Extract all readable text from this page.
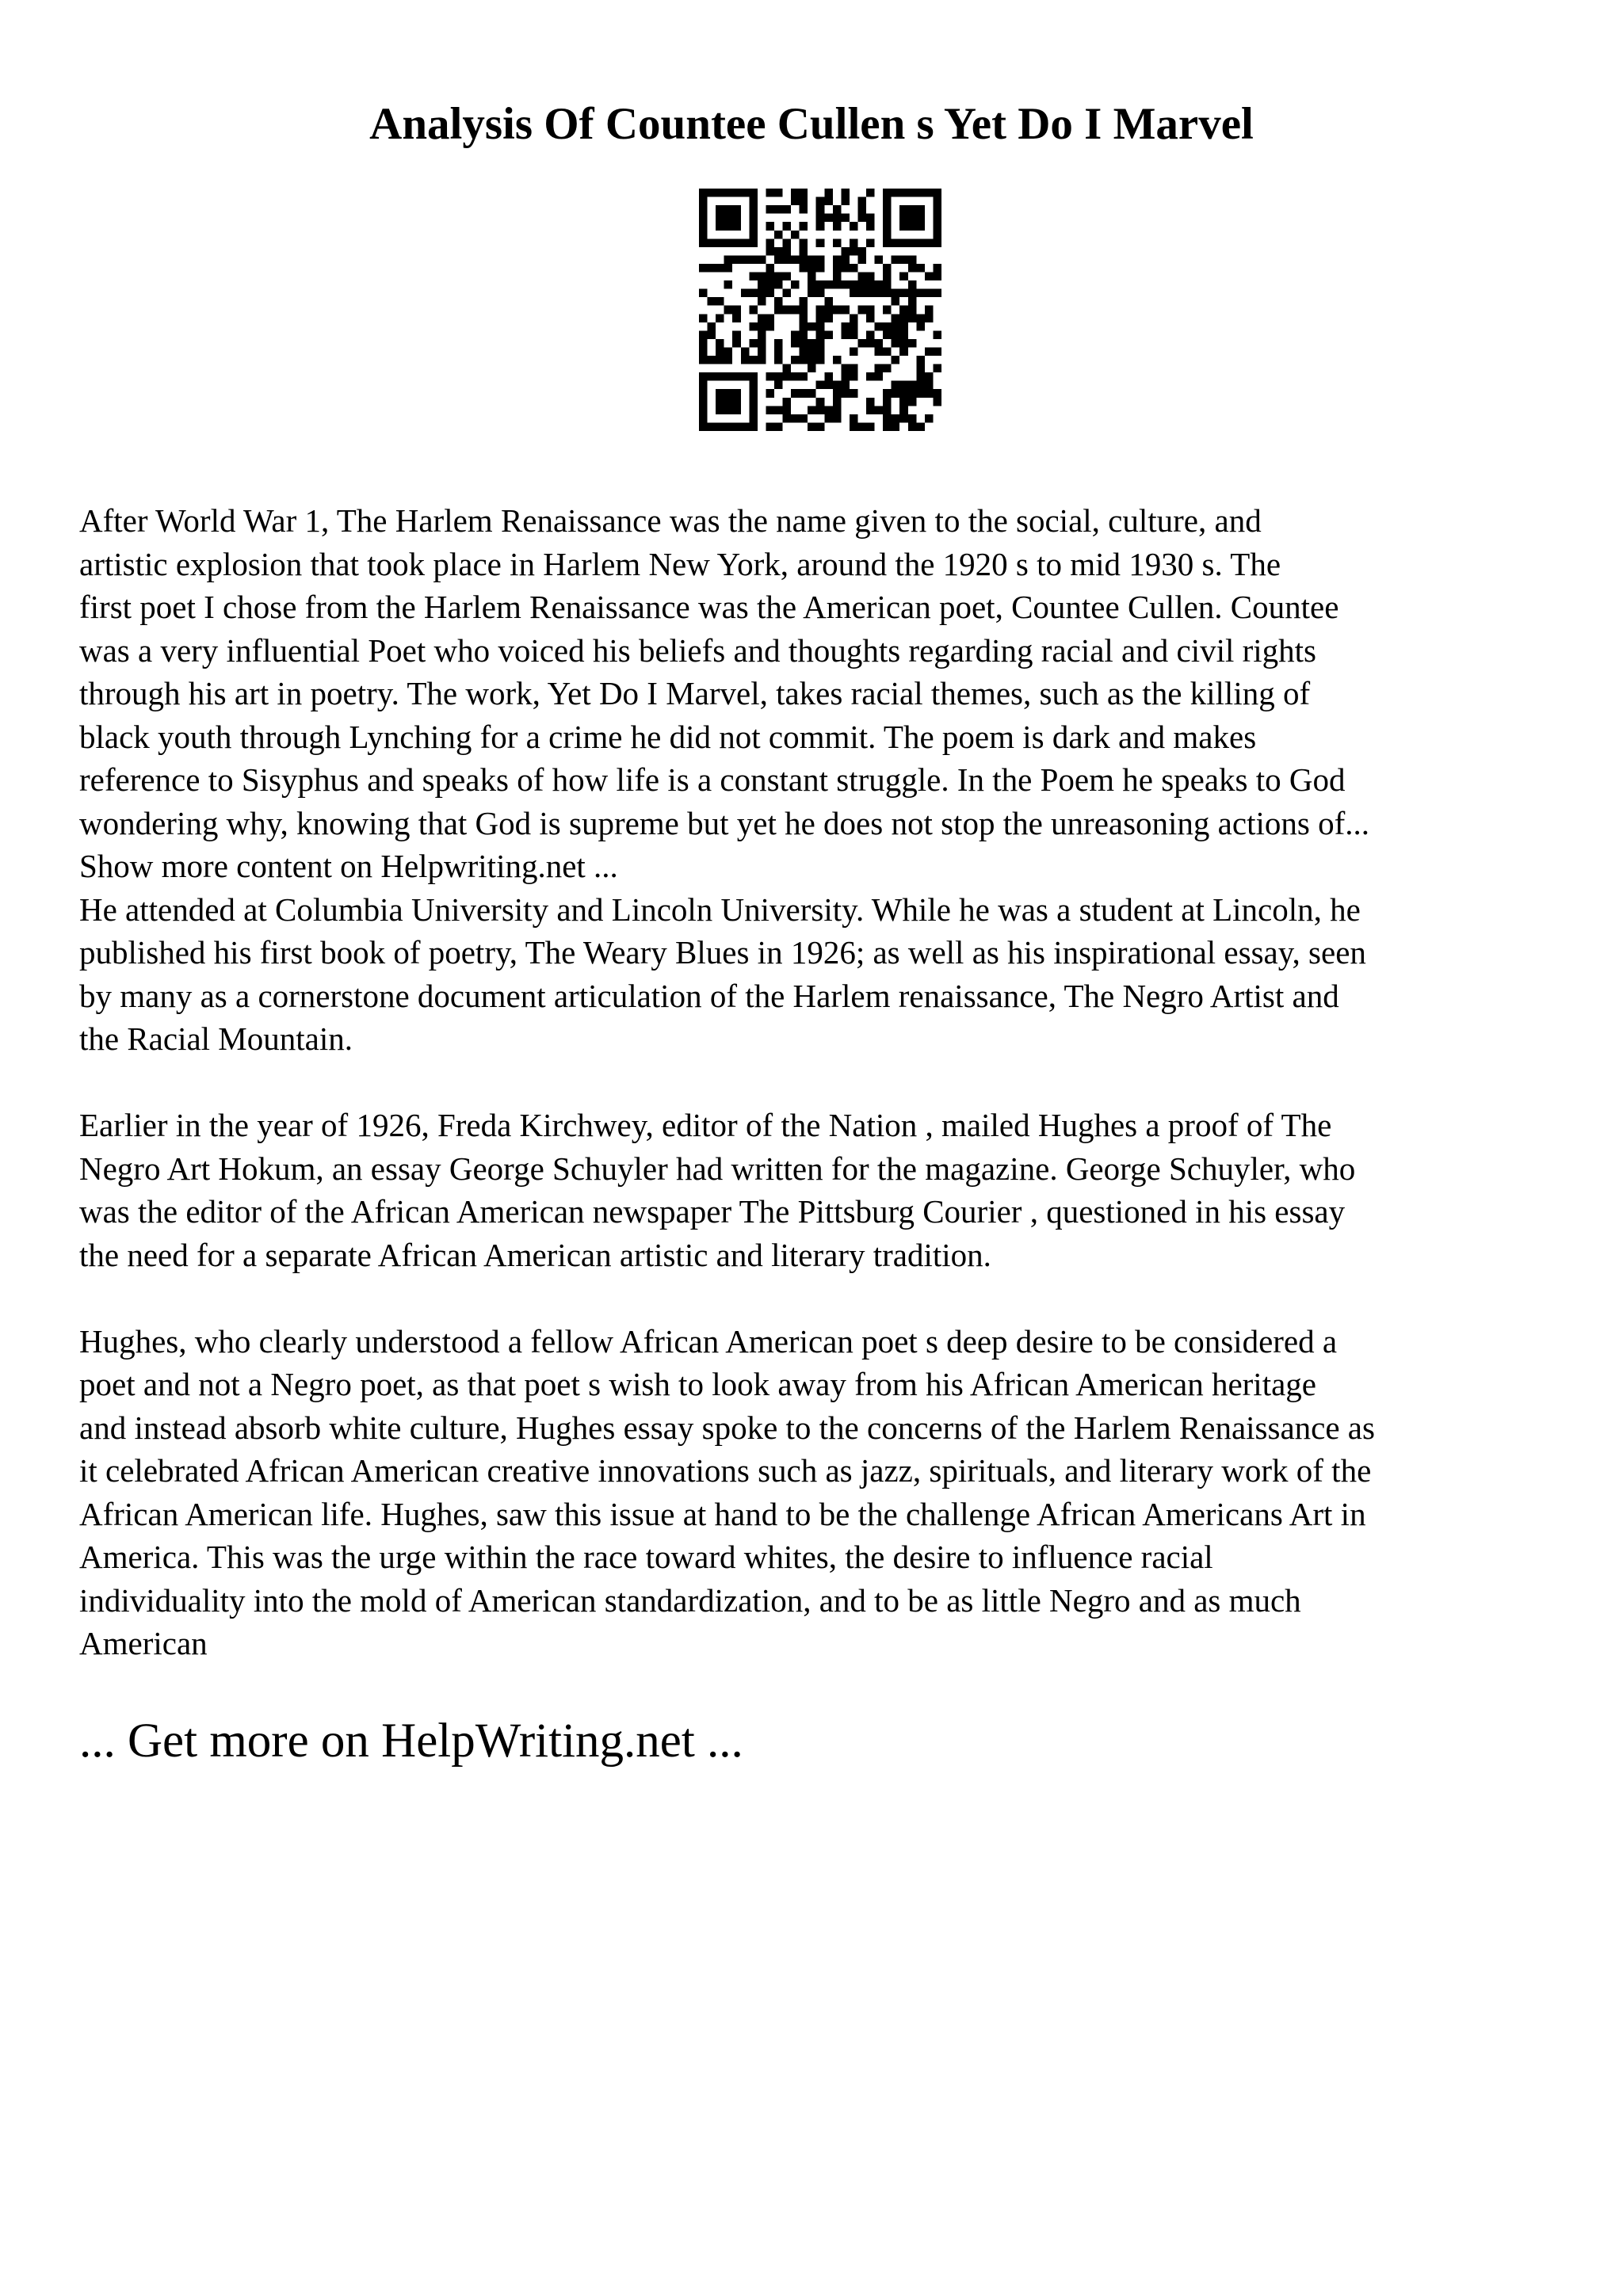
Analysis Of Countee Cullen s Yet Do I Marvel

After World War 1, The Harlem Renaissance was the name given to the social, culture, and
artistic explosion that took place in Harlem New York, around the 1920 s to mid 1930 s. The
first poet I chose from the Harlem Renaissance was the American poet, Countee Cullen. Countee
was a very influential Poet who voiced his beliefs and thoughts regarding racial and civil rights
through his art in poetry. The work, Yet Do I Marvel, takes racial themes, such as the killing of
black youth through Lynching for a crime he did not commit. The poem is dark and makes
reference to Sisyphus and speaks of how life is a constant struggle. In the Poem he speaks to God
wondering why, knowing that God is supreme but yet he does not stop the unreasoning actions of...
Show more content on Helpwriting.net ...

He attended at Columbia University and Lincoln University. While he was a student at Lincoln, he
published his first book of poetry, The Weary Blues in 1926; as well as his inspirational essay, seen
by many as a cornerstone document articulation of the Harlem renaissance, The Negro Artist and
the Racial Mountain.

Earlier in the year of 1926, Freda Kirchwey, editor of the Nation , mailed Hughes a proof of The
Negro Art Hokum, an essay George Schuyler had written for the magazine. George Schuyler, who
was the editor of the African American newspaper The Pittsburg Courier , questioned in his essay
the need for a separate African American artistic and literary tradition.

Hughes, who clearly understood a fellow African American poet s deep desire to be considered a
poet and not a Negro poet, as that poet s wish to look away from his African American heritage
and instead absorb white culture, Hughes essay spoke to the concerns of the Harlem Renaissance as
it celebrated African American creative innovations such as jazz, spirituals, and literary work of the
African American life. Hughes, saw this issue at hand to be the challenge African Americans Art in
America. This was the urge within the race toward whites, the desire to influence racial
individuality into the mold of American standardization, and to be as little Negro and as much
American

... Get more on HelpWriting.net ...
